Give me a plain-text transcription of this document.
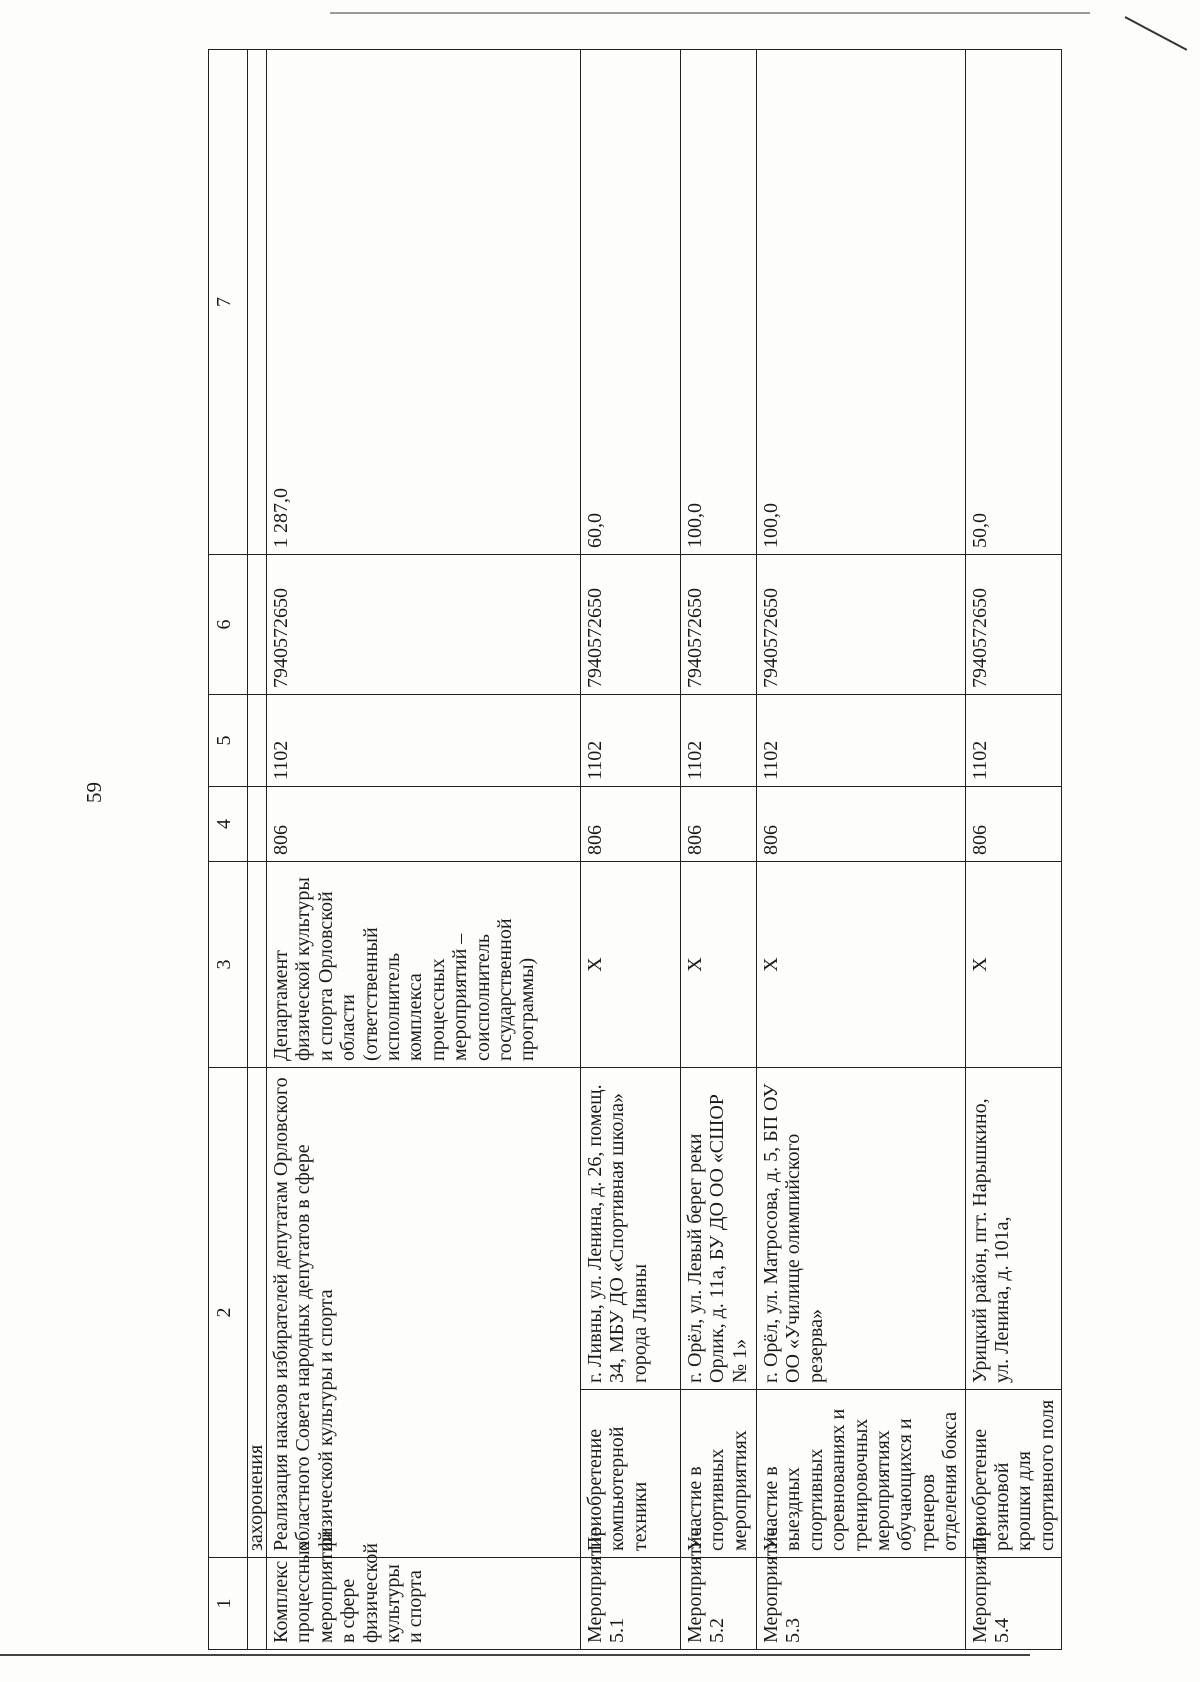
59
1	2		3	4	5	6	7
	захоронения						
Комплекс процессных мероприятий в сфере физической культуры и спорта	Реализация наказов избирателей депутатам Орловского областного Совета народных депутатов в сфере физической культуры и спорта		Департамент физической культуры и спорта Орловской области (ответственный исполнитель комплекса процессных мероприятий – соисполнитель государственной программы)	806	1102	7940572650	1 287,0
Мероприятие 5.1	Приобретение компьютерной техники	г. Ливны, ул. Ленина, д. 26, помещ. 34, МБУ ДО «Спортивная школа» города Ливны	Х	806	1102	7940572650	60,0
Мероприятие 5.2	Участие в спортивных мероприятиях	г. Орёл, ул. Левый берег реки Орлик, д. 11а, БУ ДО ОО «СШОР № 1»	Х	806	1102	7940572650	100,0
Мероприятие 5.3	Участие в выездных спортивных соревнованиях и тренировочных мероприятиях обучающихся и тренеров отделения бокса	г. Орёл, ул. Матросова, д. 5, БП ОУ ОО «Училище олимпийского резерва»	Х	806	1102	7940572650	100,0
Мероприятие 5.4	Приобретение резиновой крошки для спортивного поля	Урицкий район, пгт. Нарышкино, ул. Ленина, д. 101а,	Х	806	1102	7940572650	50,0
